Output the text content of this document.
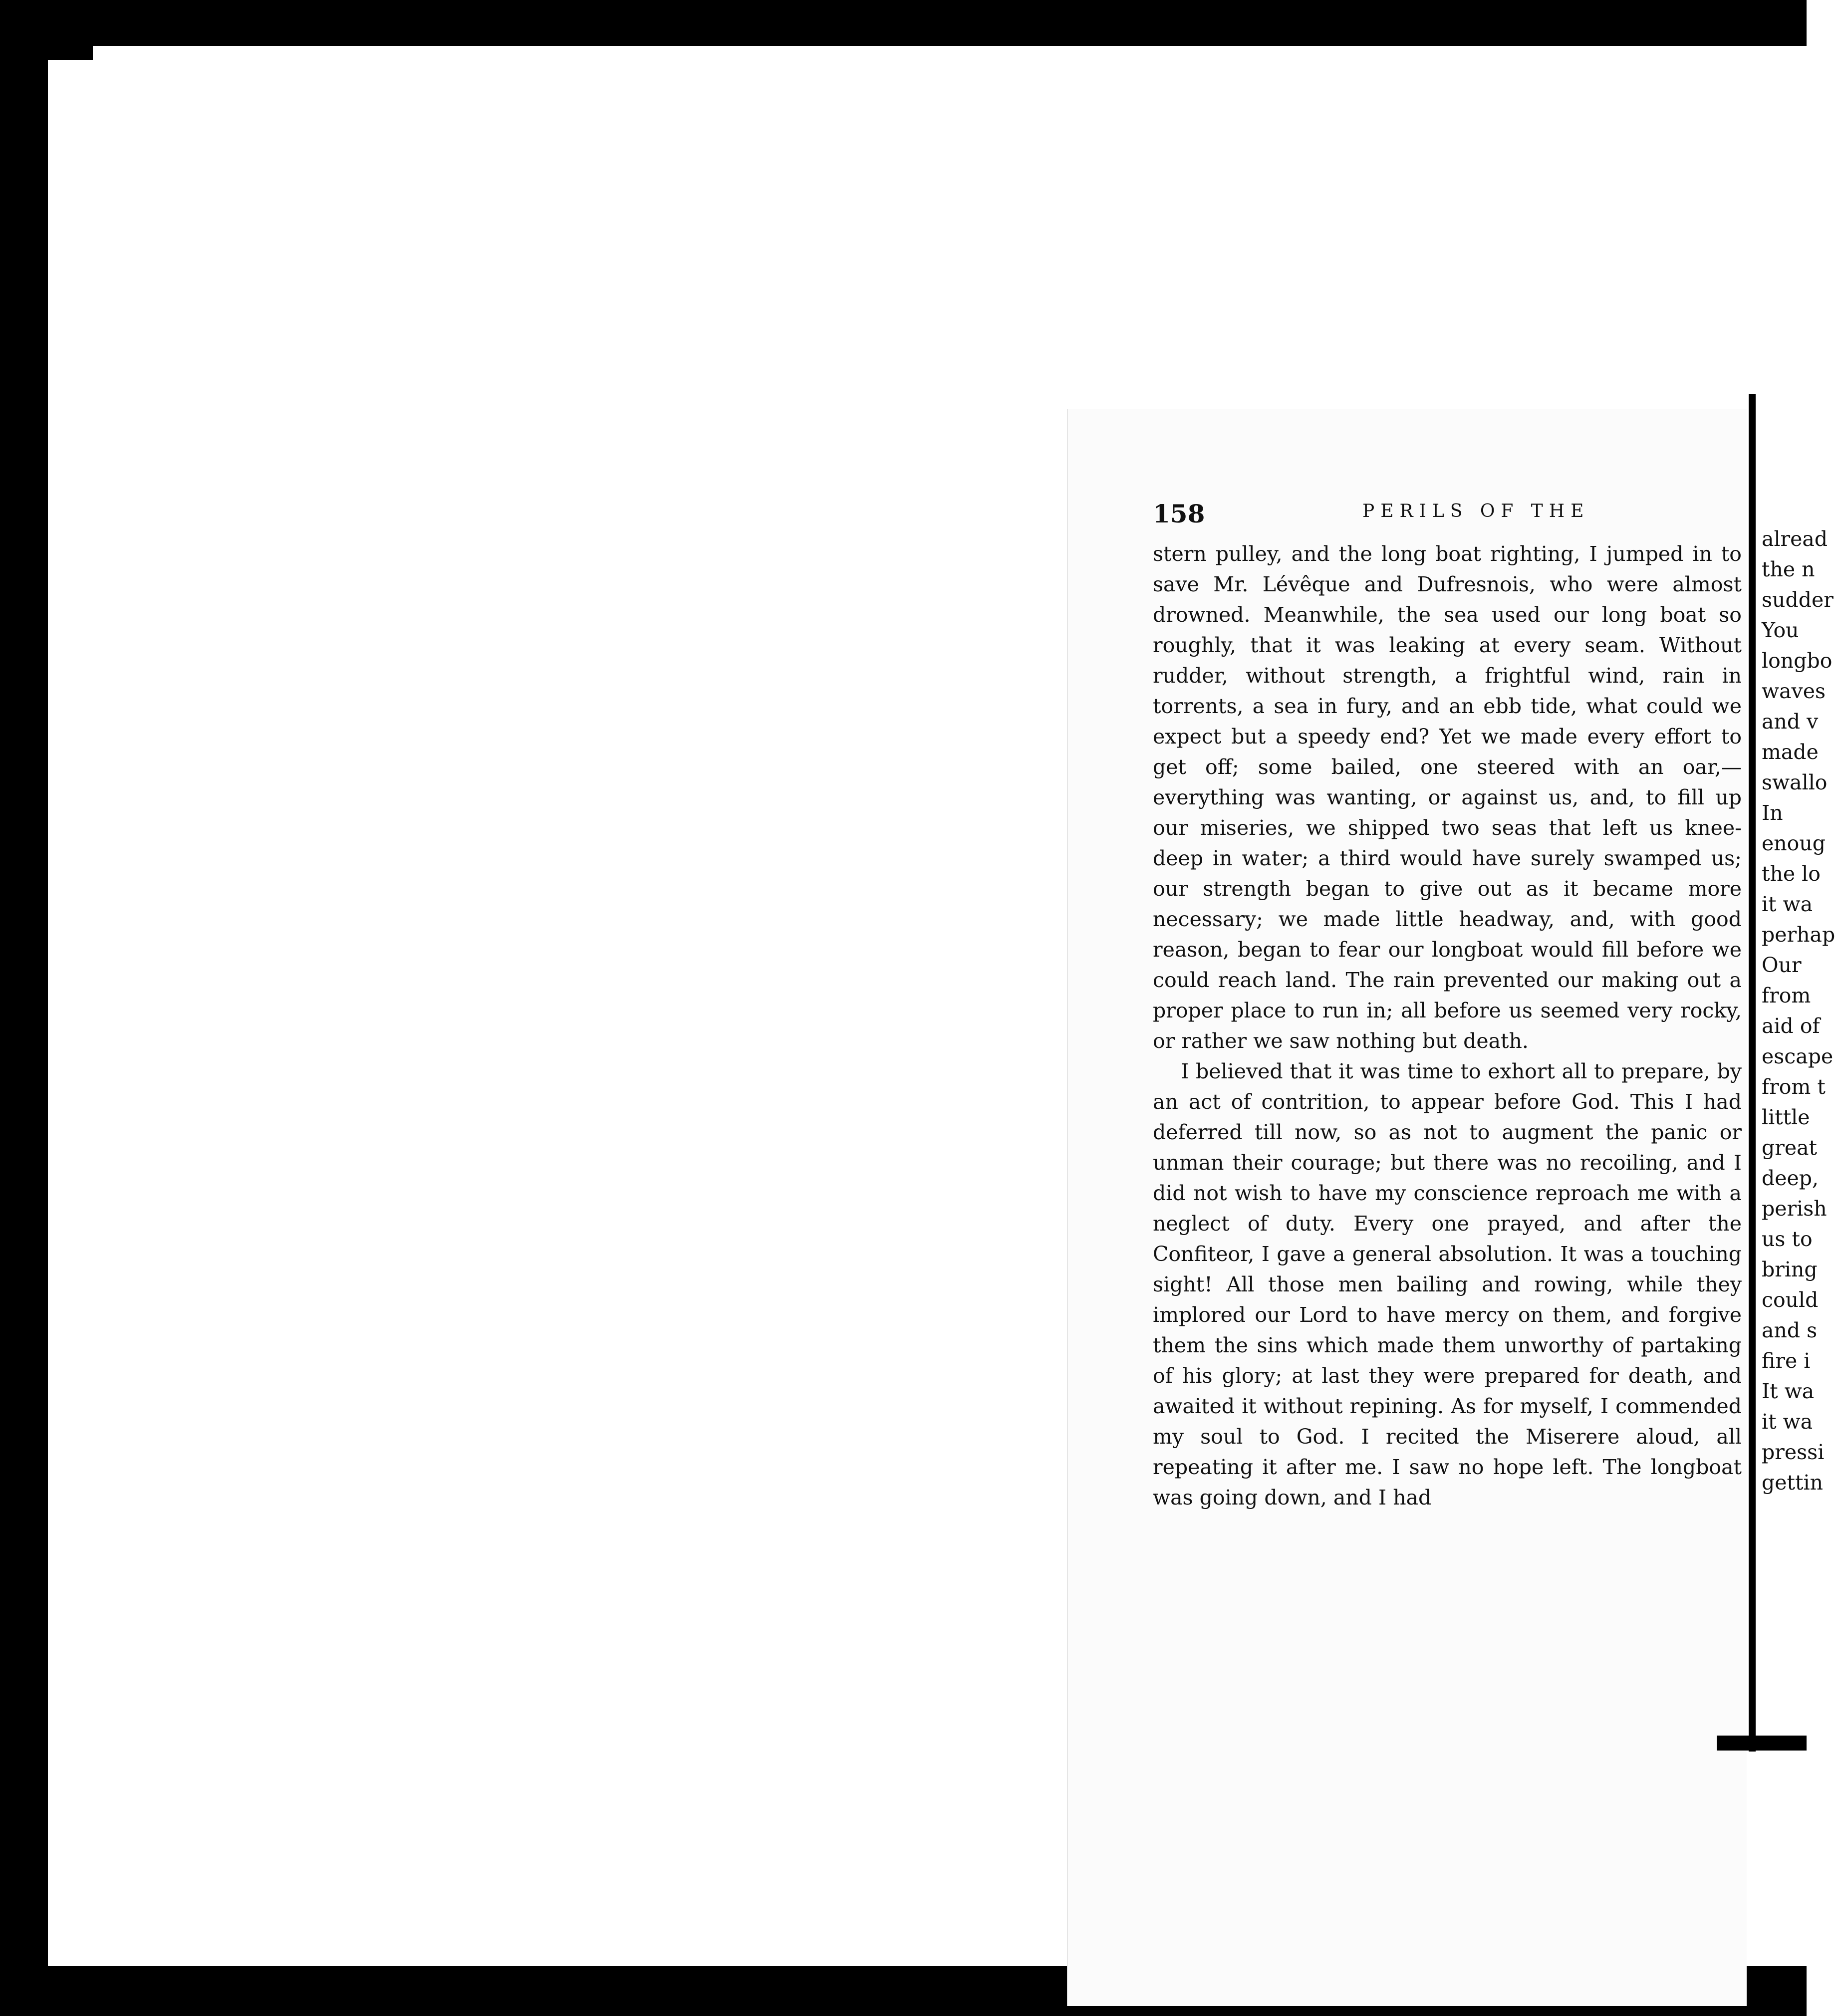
158	PERILS OF THE

stern pulley, and the long boat righting, I jumped in to save Mr. Lévêque and Dufresnois, who were almost drowned. Meanwhile, the sea used our long boat so roughly, that it was leaking at every seam. Without rudder, without strength, a frightful wind, rain in torrents, a sea in fury, and an ebb tide, what could we expect but a speedy end? Yet we made every effort to get off; some bailed, one steered with an oar,—everything was wanting, or against us, and, to fill up our miseries, we shipped two seas that left us knee-deep in water; a third would have surely swamped us; our strength began to give out as it became more necessary; we made little headway, and, with good reason, began to fear our longboat would fill before we could reach land. The rain prevented our making out a proper place to run in; all before us seemed very rocky, or rather we saw nothing but death.

I believed that it was time to exhort all to prepare, by an act of contrition, to appear before God. This I had deferred till now, so as not to augment the panic or unman their courage; but there was no recoiling, and I did not wish to have my conscience reproach me with a neglect of duty. Every one prayed, and after the Confiteor, I gave a general absolution. It was a touching sight! All those men bailing and rowing, while they implored our Lord to have mercy on them, and forgive them the sins which made them unworthy of partaking of his glory; at last they were prepared for death, and awaited it without repining. As for myself, I commended my soul to God. I recited the Miserere aloud, all repeating it after me. I saw no hope left. The longboat was going down, and I had

alread
the n
sudder
You
longbo
waves
and v
made
swallo
In
enoug
the lo
it wa
perhap
Our
from
aid of
escape
from t
little
great
deep,
perish
us to
bring
could
and s
fire i
It wa
it wa
pressi
gettin
